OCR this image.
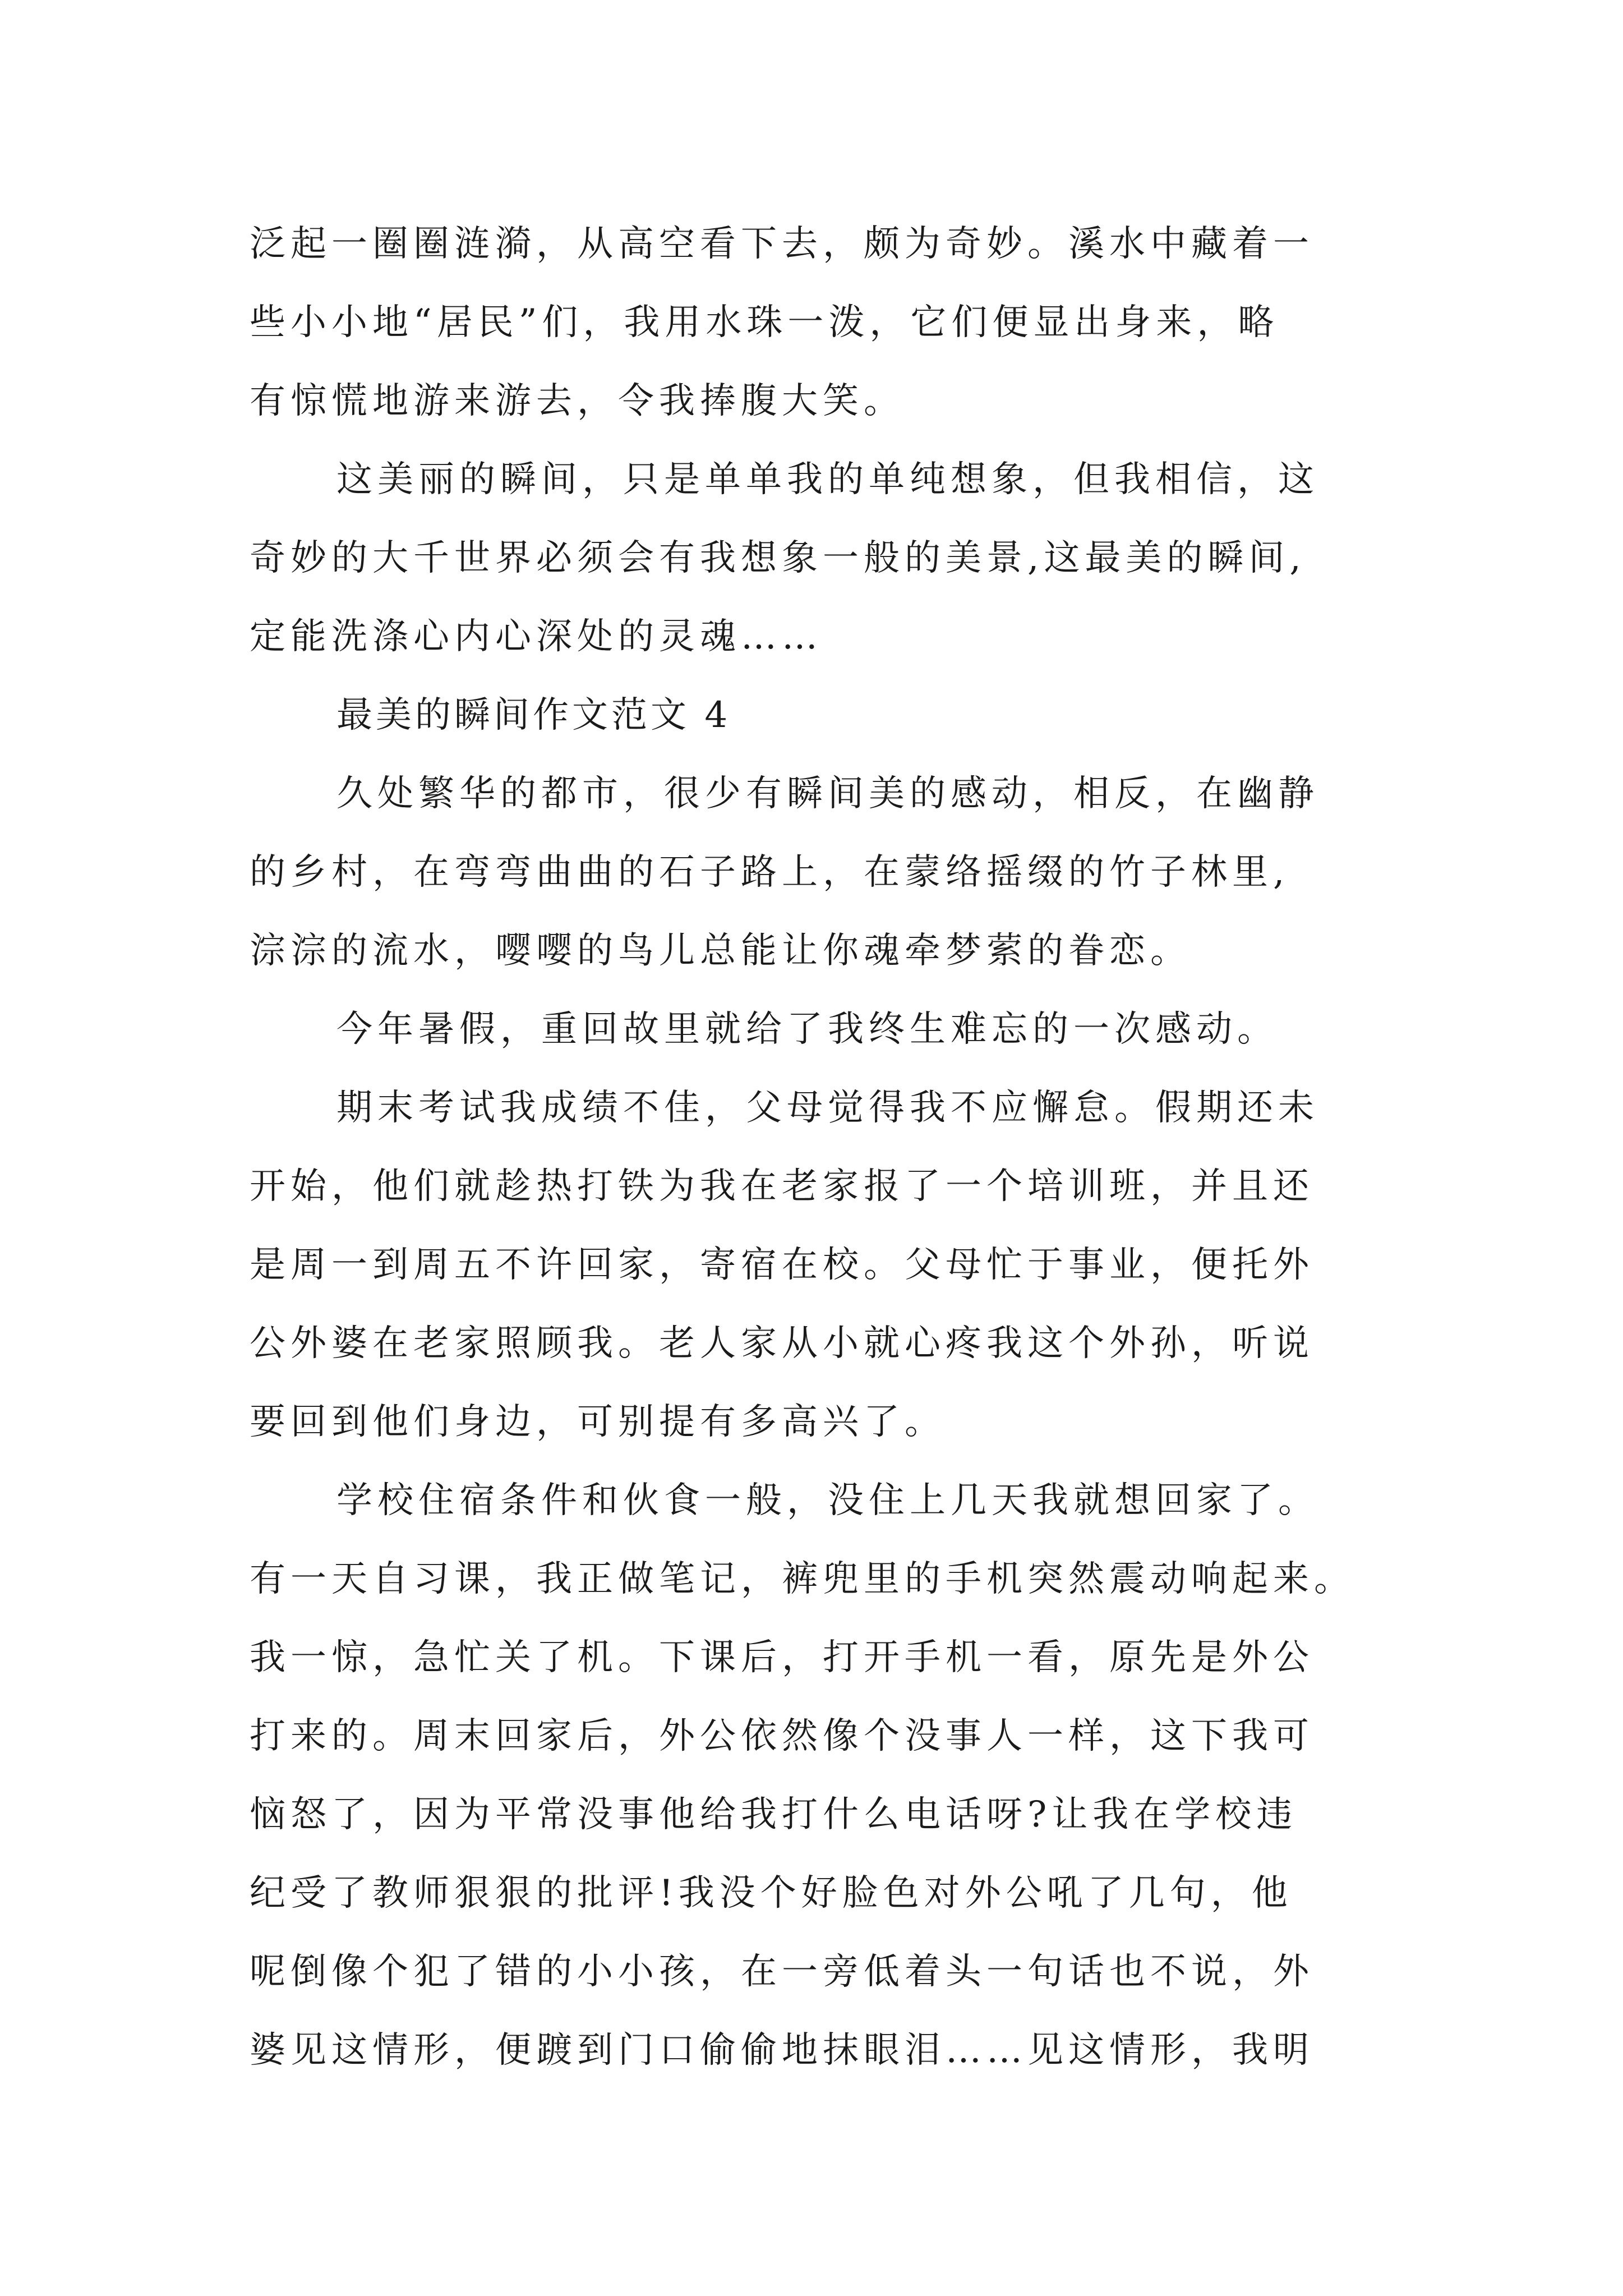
泛起一圈圈涟漪，从高空看下去，颇为奇妙。溪水中藏着一
些小小地“居民”们，我用水珠一泼，它们便显出身来，略
有惊慌地游来游去，令我捧腹大笑。
这美丽的瞬间，只是单单我的单纯想象，但我相信，这
奇妙的大千世界必须会有我想象一般的美景,这最美的瞬间,
定能洗涤心内心深处的灵魂……
最美的瞬间作文范文 4
久处繁华的都市，很少有瞬间美的感动，相反，在幽静
的乡村，在弯弯曲曲的石子路上，在蒙络摇缀的竹子林里,
淙淙的流水，嘤嘤的鸟儿总能让你魂牵梦萦的眷恋。
今年暑假，重回故里就给了我终生难忘的一次感动。
期末考试我成绩不佳，父母觉得我不应懈怠。假期还未
开始，他们就趁热打铁为我在老家报了一个培训班，并且还
是周一到周五不许回家，寄宿在校。父母忙于事业，便托外
公外婆在老家照顾我。老人家从小就心疼我这个外孙，听说
要回到他们身边，可别提有多高兴了。
学校住宿条件和伙食一般，没住上几天我就想回家了。
有一天自习课，我正做笔记，裤兜里的手机突然震动响起来。
我一惊，急忙关了机。下课后，打开手机一看，原先是外公
打来的。周末回家后，外公依然像个没事人一样，这下我可
恼怒了，因为平常没事他给我打什么电话呀?让我在学校违
纪受了教师狠狠的批评!我没个好脸色对外公吼了几句，他
呢倒像个犯了错的小小孩，在一旁低着头一句话也不说，外
婆见这情形，便踱到门口偷偷地抹眼泪……见这情形，我明
